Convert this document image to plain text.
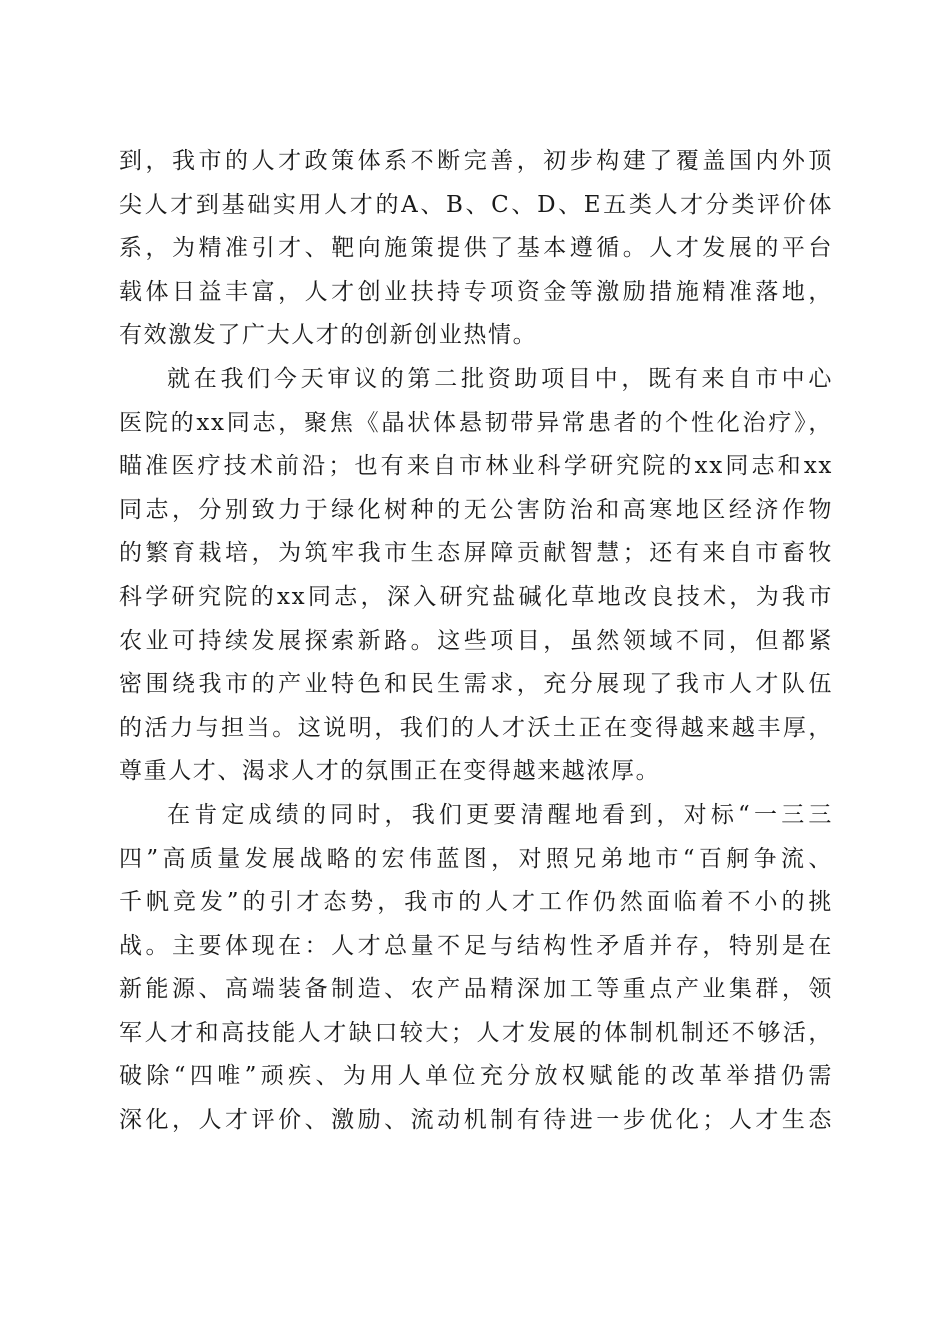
到，我市的人才政策体系不断完善，初步构建了覆盖国内外顶
尖人才到基础实用人才的A、B、C、D、E五类人才分类评价体
系，为精准引才、靶向施策提供了基本遵循。人才发展的平台
载体日益丰富，人才创业扶持专项资金等激励措施精准落地，
有效激发了广大人才的创新创业热情。
就在我们今天审议的第二批资助项目中，既有来自市中心
医院的xx同志，聚焦《晶状体悬韧带异常患者的个性化治疗》，
瞄准医疗技术前沿；也有来自市林业科学研究院的xx同志和xx
同志，分别致力于绿化树种的无公害防治和高寒地区经济作物
的繁育栽培，为筑牢我市生态屏障贡献智慧；还有来自市畜牧
科学研究院的xx同志，深入研究盐碱化草地改良技术，为我市
农业可持续发展探索新路。这些项目，虽然领域不同，但都紧
密围绕我市的产业特色和民生需求，充分展现了我市人才队伍
的活力与担当。这说明，我们的人才沃土正在变得越来越丰厚，
尊重人才、渴求人才的氛围正在变得越来越浓厚。
在肯定成绩的同时，我们更要清醒地看到，对标“一三三
四”高质量发展战略的宏伟蓝图，对照兄弟地市“百舸争流、
千帆竞发”的引才态势，我市的人才工作仍然面临着不小的挑
战。主要体现在：人才总量不足与结构性矛盾并存，特别是在
新能源、高端装备制造、农产品精深加工等重点产业集群，领
军人才和高技能人才缺口较大；人才发展的体制机制还不够活，
破除“四唯”顽疾、为用人单位充分放权赋能的改革举措仍需
深化，人才评价、激励、流动机制有待进一步优化；人才生态
